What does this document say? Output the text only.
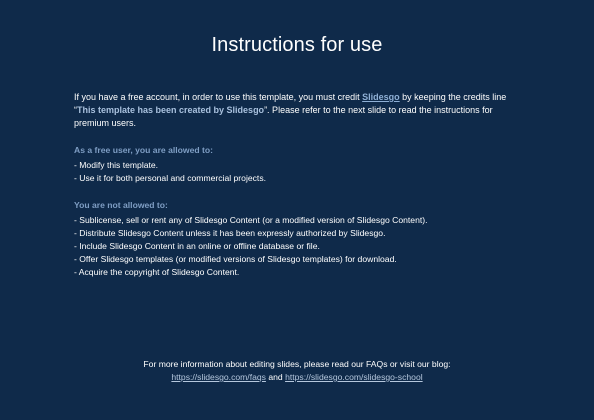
Instructions for use

If you have a free account, in order to use this template, you must credit Slidesgo by keeping the credits line “This template has been created by Slidesgo”. Please refer to the next slide to read the instructions for premium users.

As a free user, you are allowed to:
- Modify this template.
- Use it for both personal and commercial projects.
You are not allowed to:
- Sublicense, sell or rent any of Slidesgo Content (or a modified version of Slidesgo Content).
- Distribute Slidesgo Content unless it has been expressly authorized by Slidesgo.
- Include Slidesgo Content in an online or offline database or file.
- Offer Slidesgo templates (or modified versions of Slidesgo templates) for download.
- Acquire the copyright of Slidesgo Content.
For more information about editing slides, please read our FAQs or visit our blog:
https://slidesgo.com/faqs and https://slidesgo.com/slidesgo-school
